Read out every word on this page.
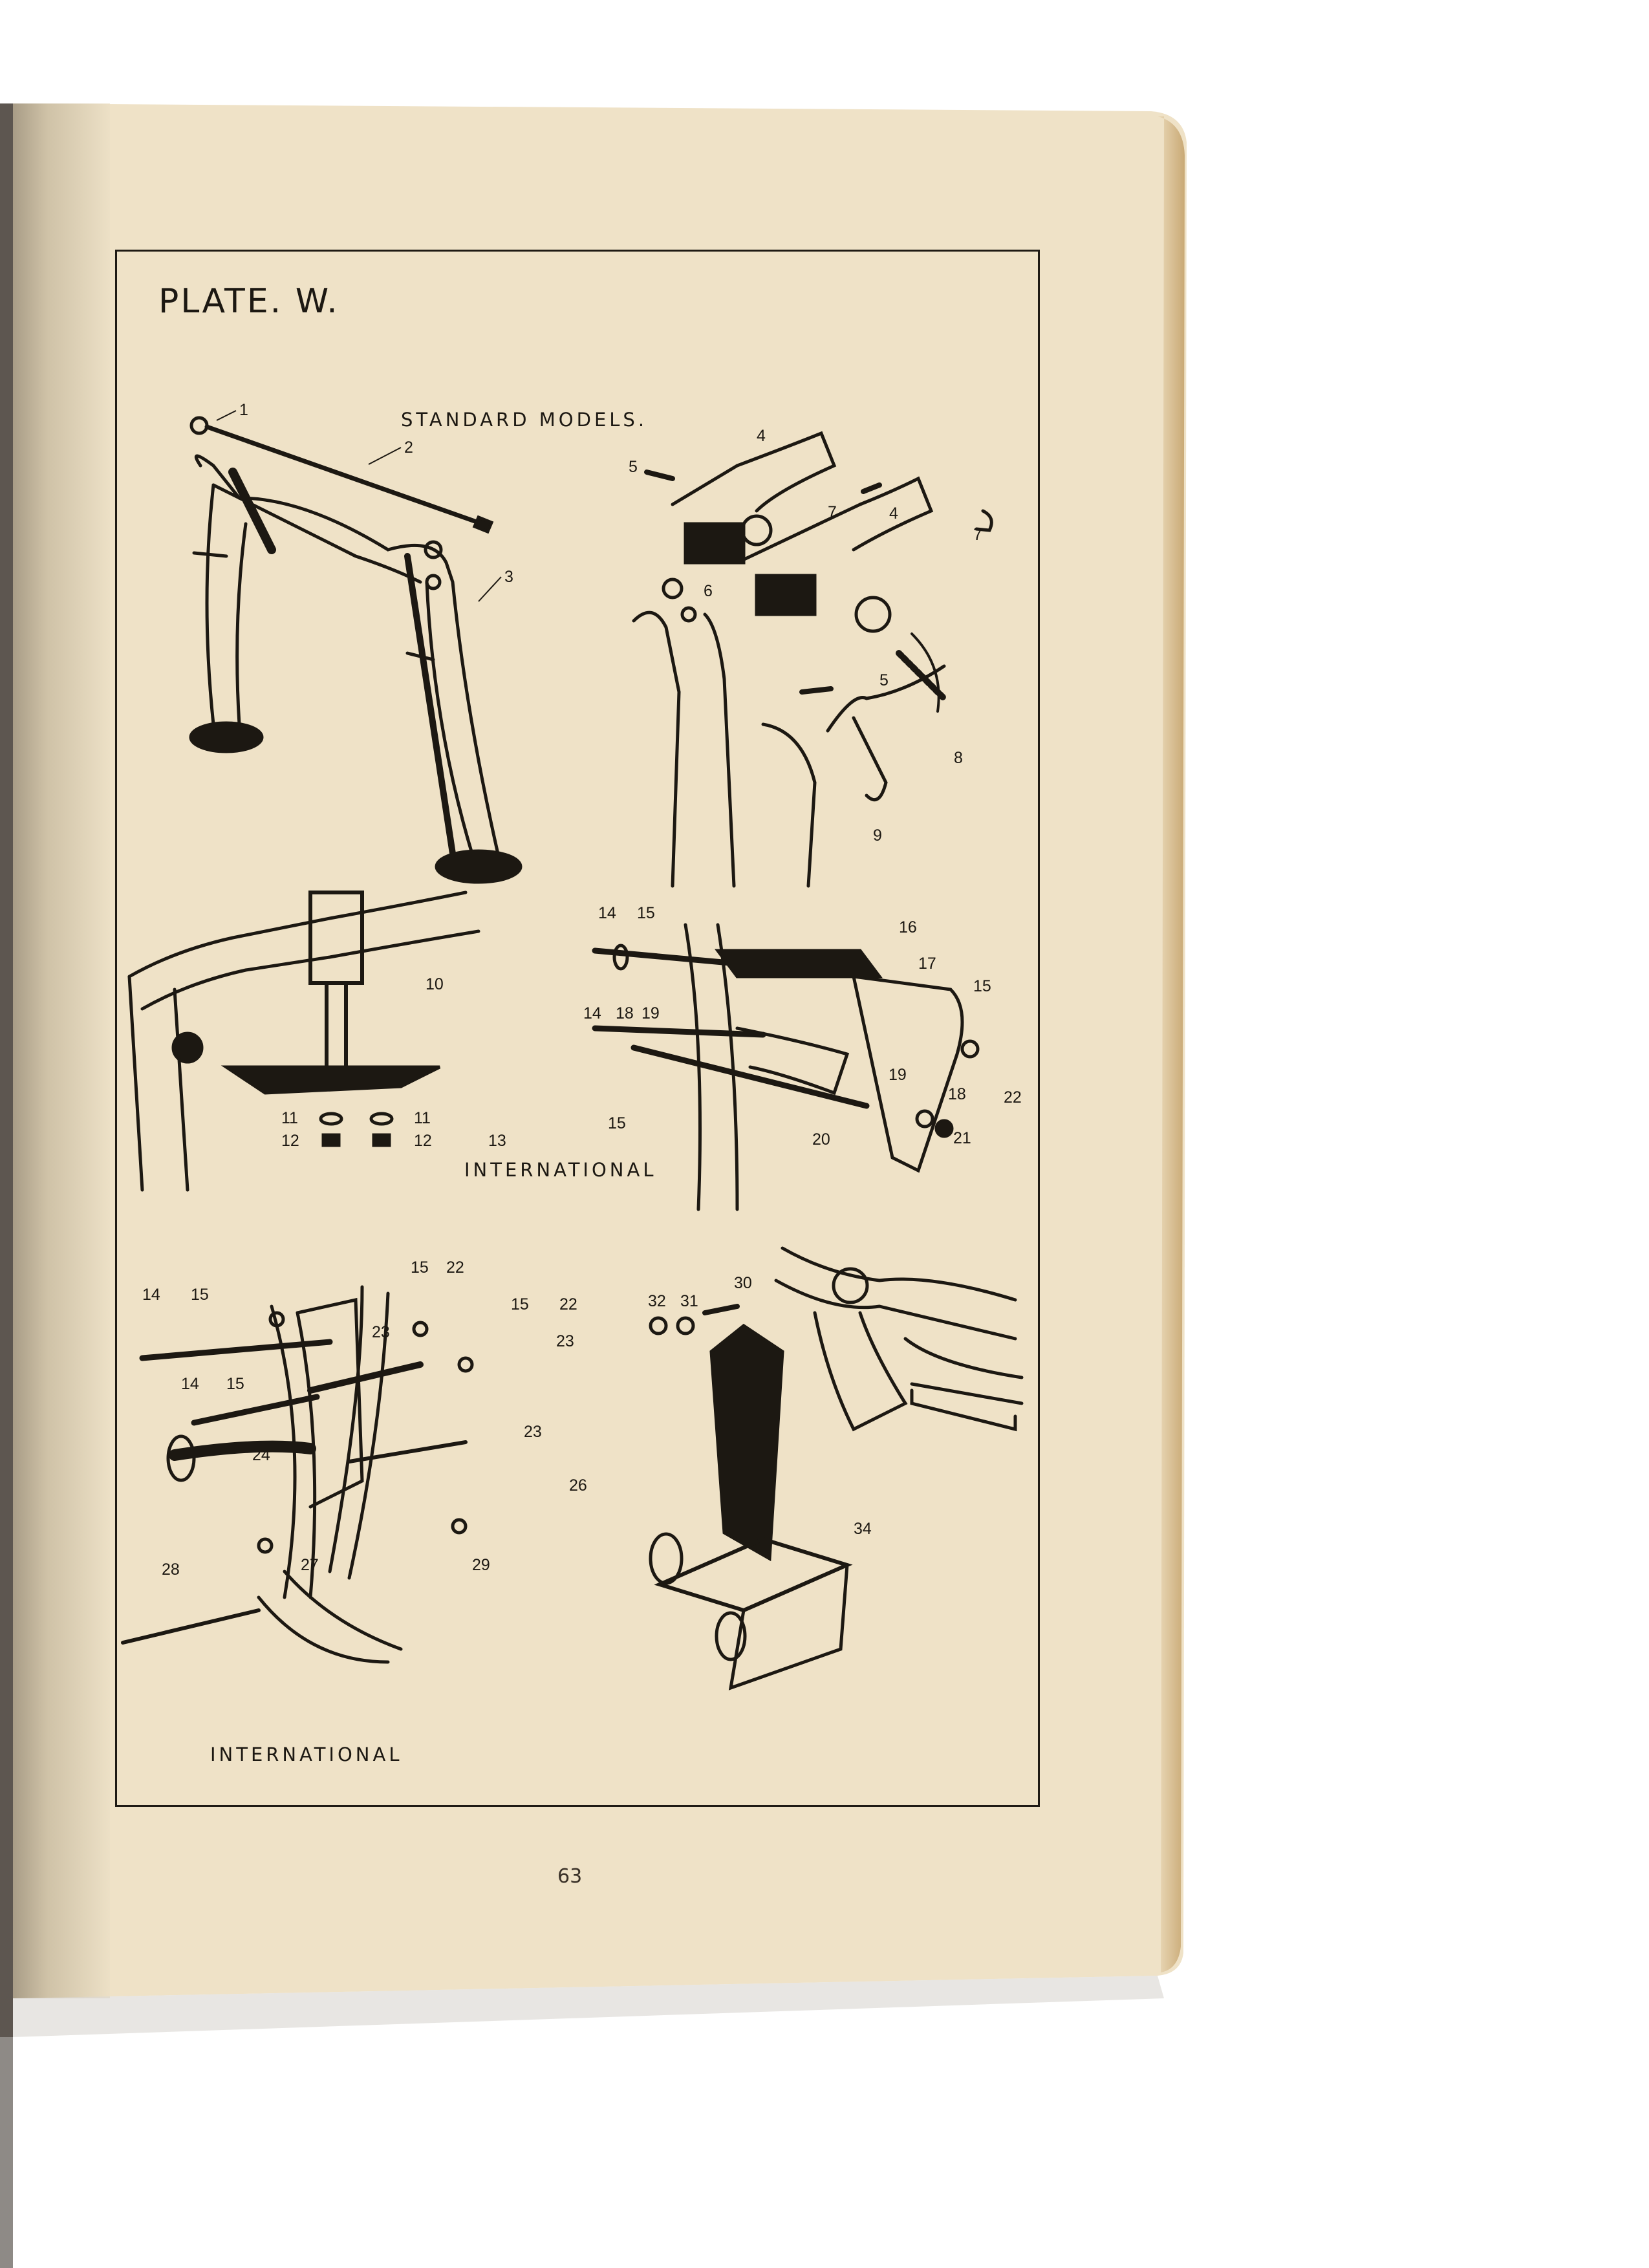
PLATE. W.
STANDARD MODELS.
INTERNATIONAL
INTERNATIONAL
63
1
2
3
4
5
7	4
7
6
5
8
9
10
11	11
12	12	13
14 15
16
17
15
14 18 19
22
19
18
21
15
20
15 22
14 15
15 22
23	23
14 15
24
23
26
27	29
28
32 31
30
34
